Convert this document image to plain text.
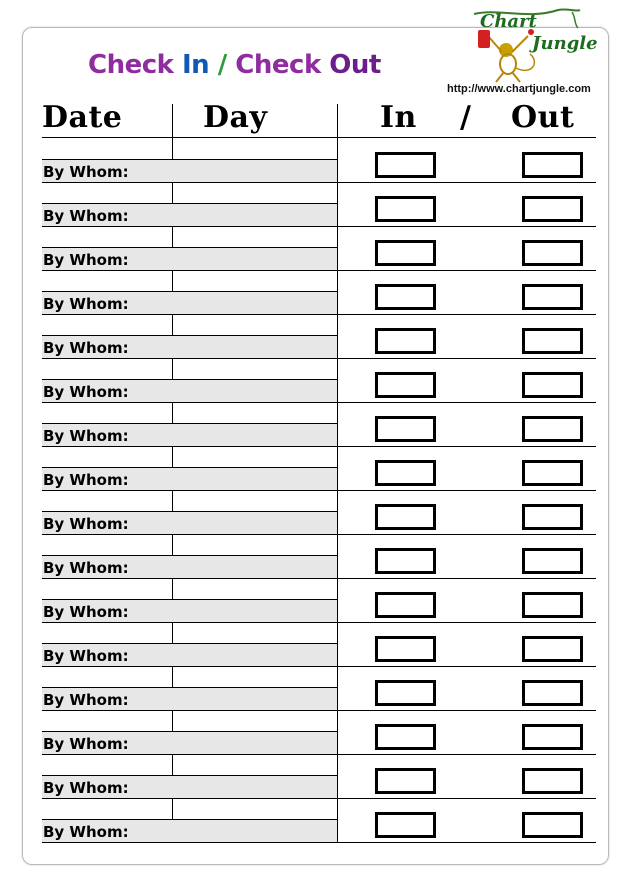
Check In / Check Out
Chart
Jungle
http://www.chartjungle.com
Date	Day	In / Out
By Whom:
By Whom:
By Whom:
By Whom:
By Whom:
By Whom:
By Whom:
By Whom:
By Whom:
By Whom:
By Whom:
By Whom:
By Whom:
By Whom:
By Whom:
By Whom:
